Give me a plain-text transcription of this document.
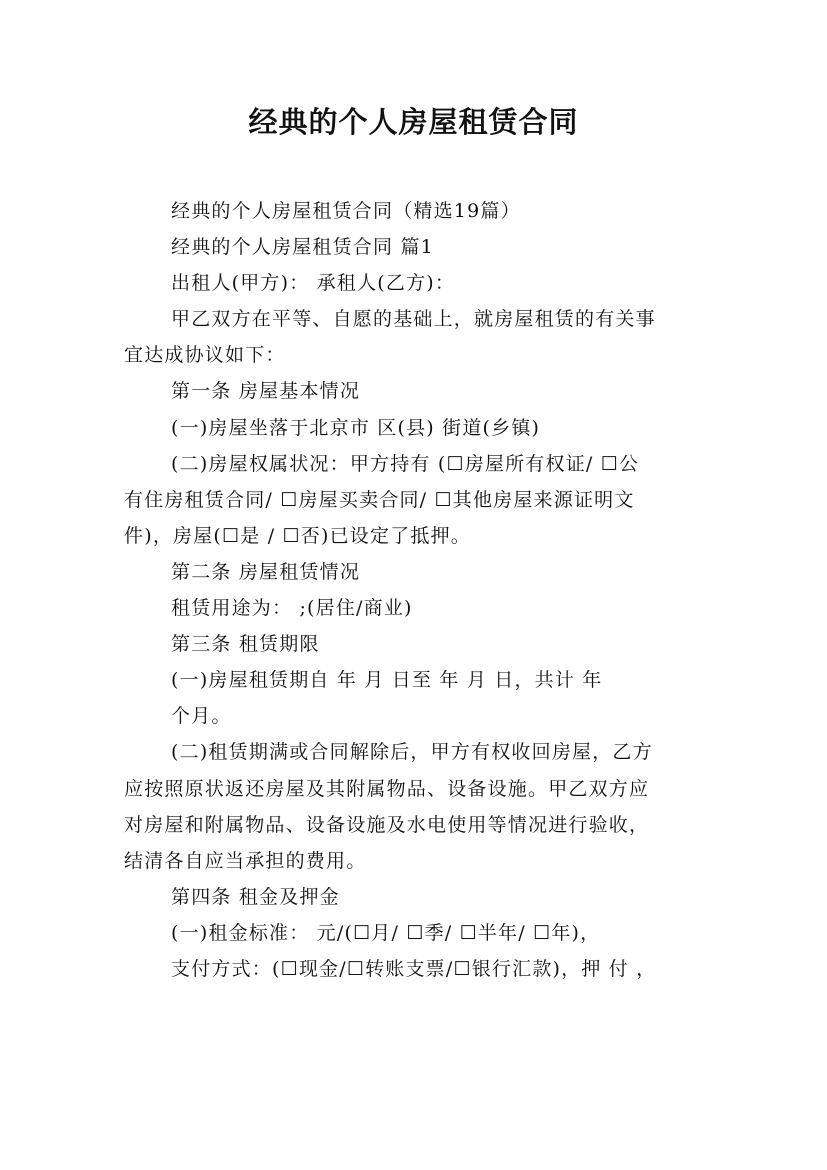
经典的个人房屋租赁合同
经典的个人房屋租赁合同（精选19篇）
经典的个人房屋租赁合同 篇1
出租人(甲方)： 承租人(乙方)：
甲乙双方在平等、自愿的基础上，就房屋租赁的有关事
宜达成协议如下：
第一条 房屋基本情况
(一)房屋坐落于北京市 区(县) 街道(乡镇)
(二)房屋权属状况：甲方持有 (☐房屋所有权证/ ☐公
有住房租赁合同/ ☐房屋买卖合同/ ☐其他房屋来源证明文
件)，房屋(☐是 / ☐否)已设定了抵押。
第二条 房屋租赁情况
租赁用途为： ;(居住/商业)
第三条 租赁期限
(一)房屋租赁期自 年 月 日至 年 月 日，共计 年
个月。
(二)租赁期满或合同解除后，甲方有权收回房屋，乙方
应按照原状返还房屋及其附属物品、设备设施。甲乙双方应
对房屋和附属物品、设备设施及水电使用等情况进行验收，
结清各自应当承担的费用。
第四条 租金及押金
(一)租金标准： 元/(☐月/ ☐季/ ☐半年/ ☐年)，
支付方式：(☐现金/☐转账支票/☐银行汇款)，押 付 ，
